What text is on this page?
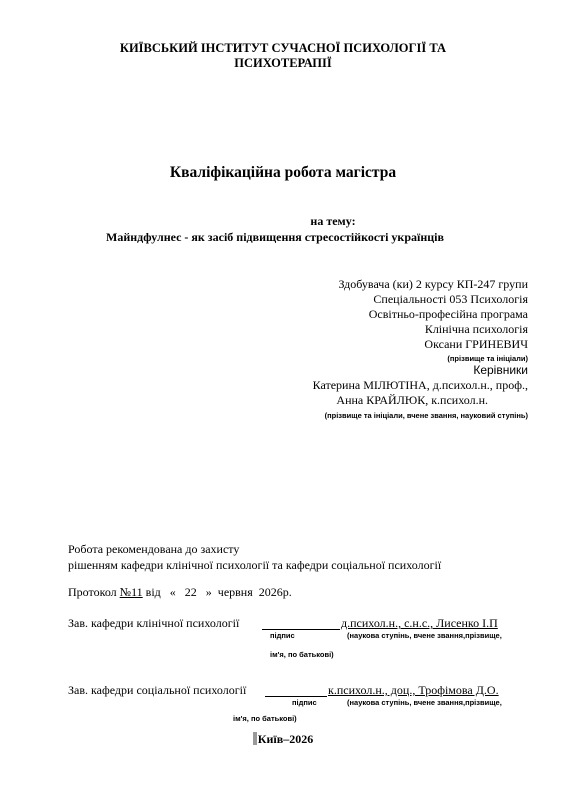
КИЇВСЬКИЙ ІНСТИТУТ СУЧАСНОЇ ПСИХОЛОГІЇ ТА
ПСИХОТЕРАПІЇ
Кваліфікаційна робота магістра
на тему:
Майндфулнес - як засіб підвищення стресостійкості українців
Здобувача (ки) 2 курсу КП-247 групи
Спеціальності 053 Психологія
Освітньо-професійна програма
Клінічна психологія
Оксани ГРИНЕВИЧ
(прізвище та ініціали)
Керівники
Катерина МІЛЮТІНА, д.психол.н., проф.,
Анна КРАЙЛЮК, к.психол.н.
(прізвище та ініціали, вчене звання, науковий ступінь)
Робота рекомендована до захисту
рішенням кафедри клінічної психології та кафедри соціальної психології
Протокол №11 від   «   22   »  червня  2026р.
Зав. кафедри клінічної психології	д.психол.н., с.н.с., Лисенко І.П
підпис	(наукова ступінь, вчене звання,прізвище,
ім'я, по батькові)
Зав. кафедри соціальної психології	к.психол.н., доц., Трофімова Д.О.
підпис	(наукова ступінь, вчене звання,прізвище,
ім'я, по батькові)
Київ–2026
